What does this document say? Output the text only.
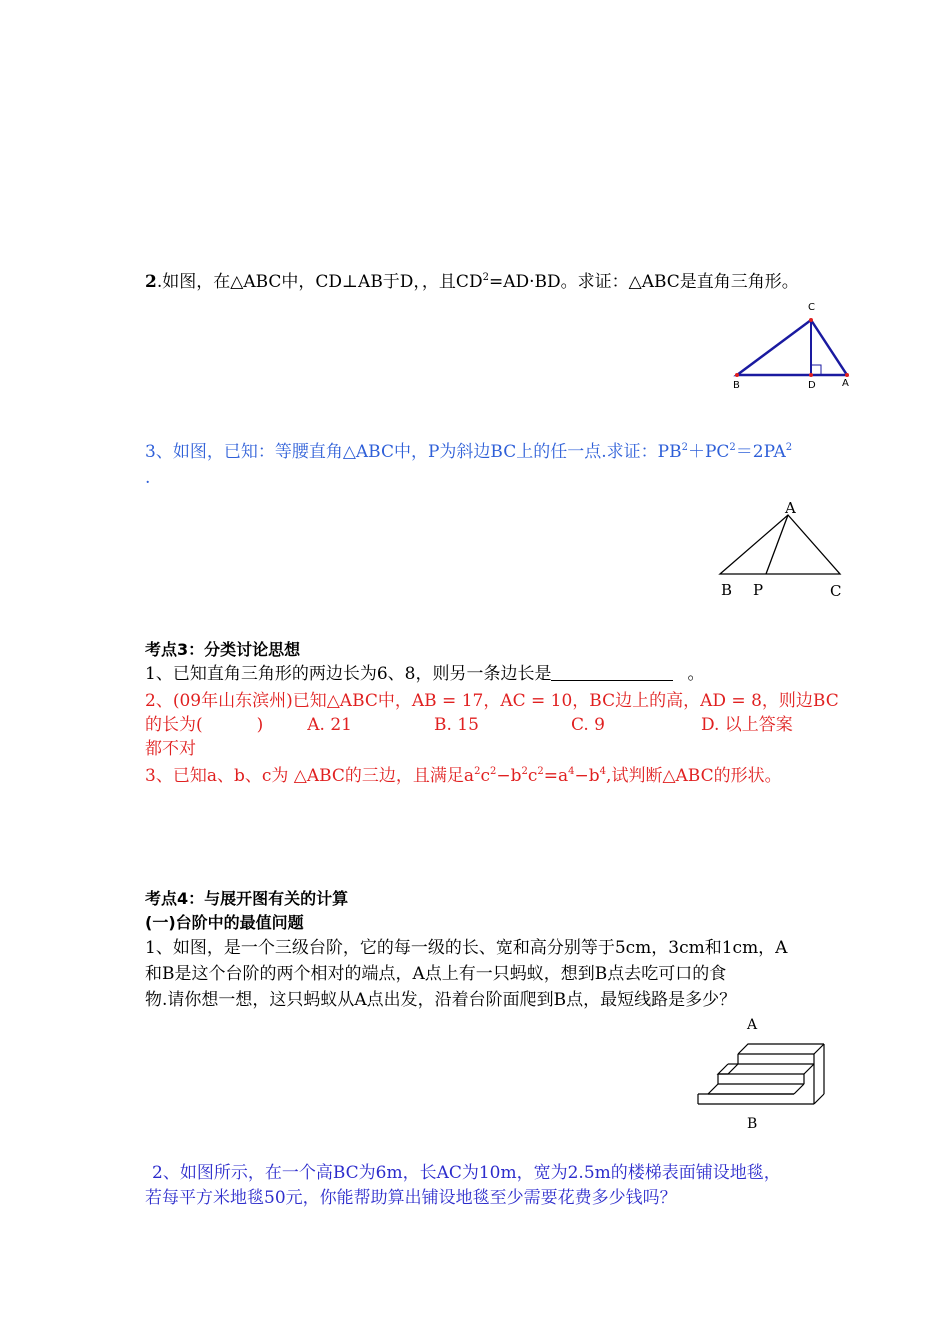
2.如图，在△ABC中，CD⊥AB于D，，且$CD^2=AD\cdot BD$。求证：△ABC是直角三角形。
C
B	D	A
3、如图，已知：等腰直角△ABC中，P为斜边BC上的任一点.求证：$PB^2+PC^2=2PA^2$
.
A
B P	C
考点3：分类讨论思想
1、已知直角三角形的两边长为6、8，则另一条边长是	。
2、(09年山东滨州)已知△ABC中，AB = 17，AC = 10，BC边上的高，AD = 8，则边BC
的长为(	)	A. 21	B. 15	C. 9	D. 以上答案
都不对
3、已知a、b、c为 △ABC的三边，且满足$a^2c^2-b^2c^2=a^4-b^4$,试判断△ABC的形状。
考点4：与展开图有关的计算
(一)台阶中的最值问题
1、如图，是一个三级台阶，它的每一级的长、宽和高分别等于5cm，3cm和1cm，A
和B是这个台阶的两个相对的端点，A点上有一只蚂蚁，想到B点去吃可口的食
物.请你想一想，这只蚂蚁从A点出发，沿着台阶面爬到B点，最短线路是多少？
A
B
2、如图所示，在一个高BC为6m，长AC为10m，宽为2.5m的楼梯表面铺设地毯，
若每平方米地毯50元，你能帮助算出铺设地毯至少需要花费多少钱吗？
